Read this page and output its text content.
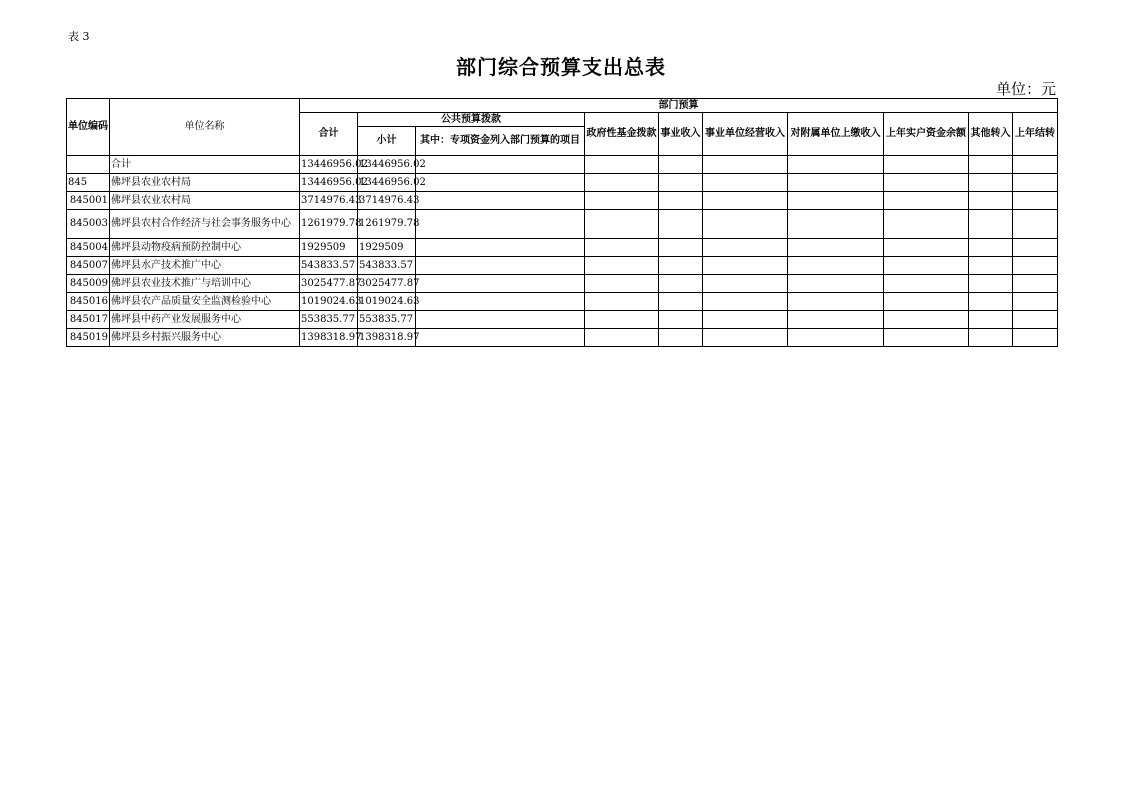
表 3
部门综合预算支出总表
单位：元
单位编码	单位名称	部门预算									
		合计	公共预算拨款		政府性基金拨款	事业收入	事业单位经营收入	对附属单位上缴收入	上年实户资金余额	其他转入	上年结转
			小计	其中：专项资金列入部门预算的项目							
	合计	13446956.02	13446956.02								
845	佛坪县农业农村局	13446956.02	13446956.02								
845001	佛坪县农业农村局	3714976.43	3714976.43								
845003	佛坪县农村合作经济与社会事务服务中心	1261979.78	1261979.78								
845004	佛坪县动物疫病预防控制中心	1929509	1929509								
845007	佛坪县水产技术推广中心	543833.57	543833.57								
845009	佛坪县农业技术推广与培训中心	3025477.87	3025477.87								
845016	佛坪县农产品质量安全监测检验中心	1019024.63	1019024.63								
845017	佛坪县中药产业发展服务中心	553835.77	553835.77								
845019	佛坪县乡村振兴服务中心	1398318.97	1398318.97								
